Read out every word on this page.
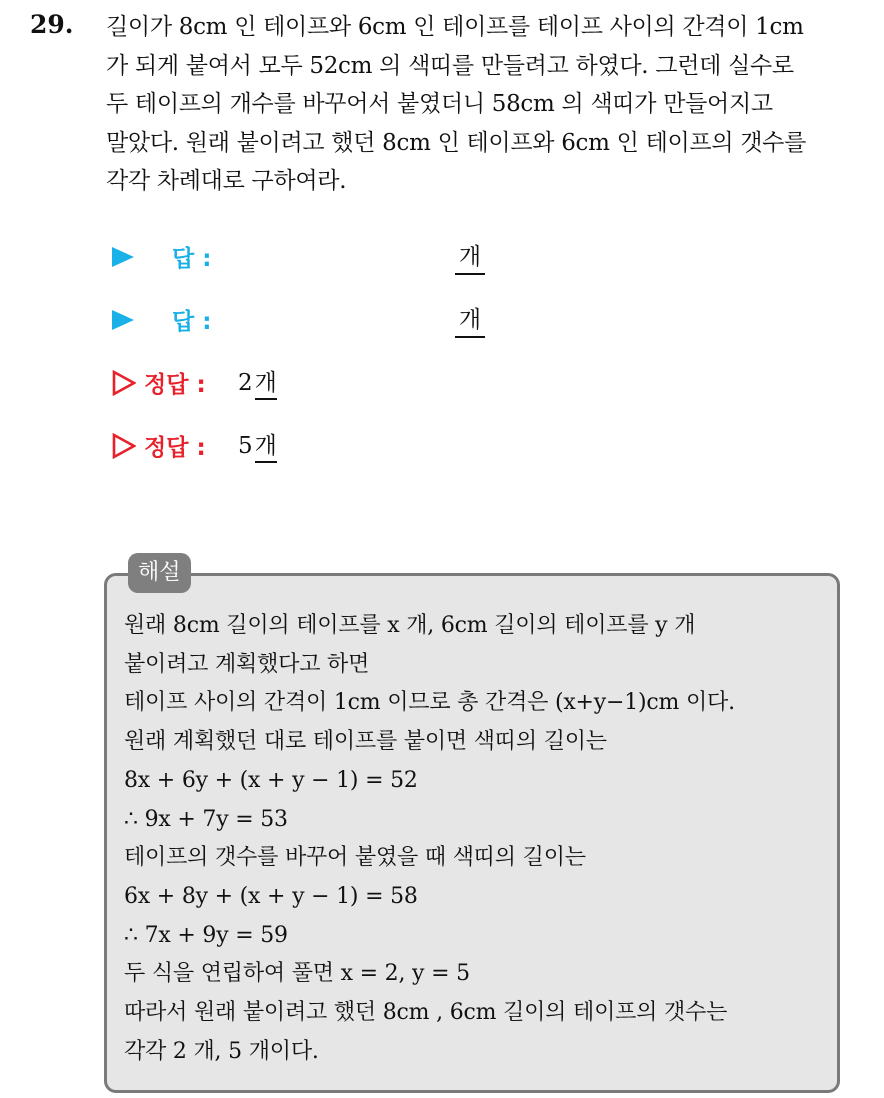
29. 길이가 8cm 인 테이프와 6cm 인 테이프를 테이프 사이의 간격이 1cm
가 되게 붙여서 모두 52cm 의 색띠를 만들려고 하였다. 그런데 실수로
두 테이프의 개수를 바꾸어서 붙였더니 58cm 의 색띠가 만들어지고
말았다. 원래 붙이려고 했던 8cm 인 테이프와 6cm 인 테이프의 갯수를
각각 차례대로 구하여라.
답 :	개
답 :	개
정답 : 2개
정답 : 5개
해설
원래 8cm 길이의 테이프를 x 개, 6cm 길이의 테이프를 y 개
붙이려고 계획했다고 하면
테이프 사이의 간격이 1cm 이므로 총 간격은 (x+y−1)cm 이다.
원래 계획했던 대로 테이프를 붙이면 색띠의 길이는
8x + 6y + (x + y − 1) = 52
∴ 9x + 7y = 53
테이프의 갯수를 바꾸어 붙였을 때 색띠의 길이는
6x + 8y + (x + y − 1) = 58
∴ 7x + 9y = 59
두 식을 연립하여 풀면 x = 2, y = 5
따라서 원래 붙이려고 했던 8cm , 6cm 길이의 테이프의 갯수는
각각 2 개, 5 개이다.
